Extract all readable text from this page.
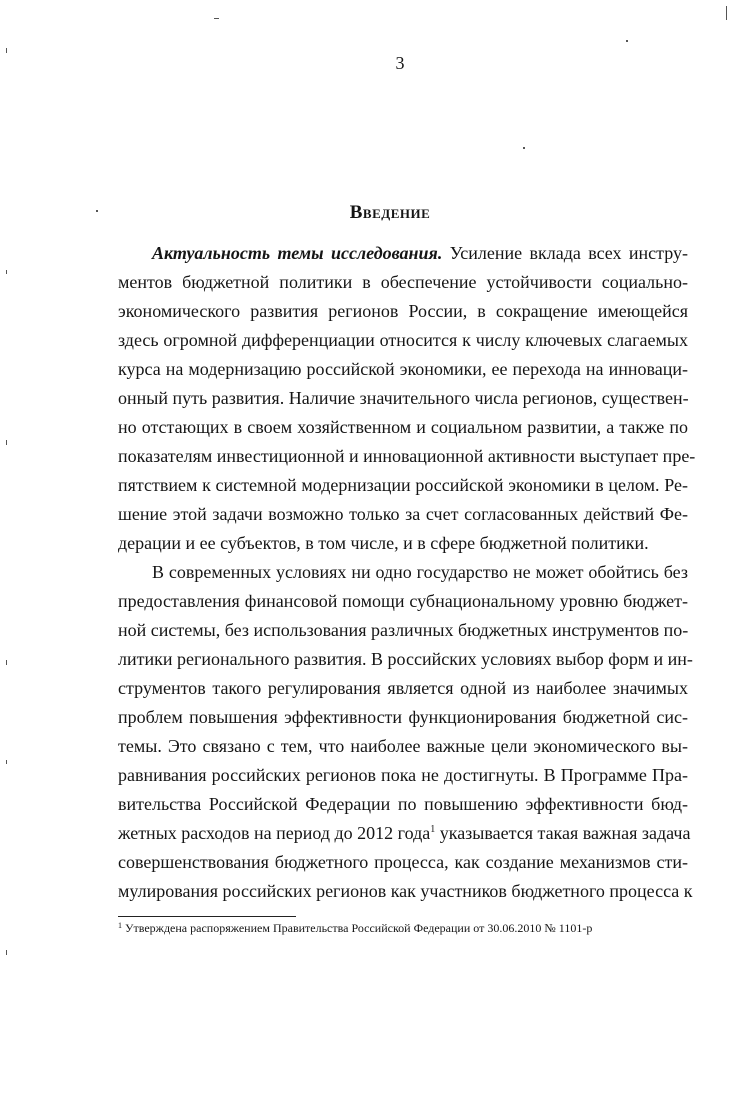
3
Введение
Актуальность темы исследования. Усиление вклада всех инстру-
ментов бюджетной политики в обеспечение устойчивости социально-
экономического развития регионов России, в сокращение имеющейся
здесь огромной дифференциации относится к числу ключевых слагаемых
курса на модернизацию российской экономики, ее перехода на инноваци-
онный путь развития. Наличие значительного числа регионов, существен-
но отстающих в своем хозяйственном и социальном развитии, а также по
показателям инвестиционной и инновационной активности выступает пре-
пятствием к системной модернизации российской экономики в целом. Ре-
шение этой задачи возможно только за счет согласованных действий Фе-
дерации и ее субъектов, в том числе, и в сфере бюджетной политики.
В современных условиях ни одно государство не может обойтись без
предоставления финансовой помощи субнациональному уровню бюджет-
ной системы, без использования различных бюджетных инструментов по-
литики регионального развития. В российских условиях выбор форм и ин-
струментов такого регулирования является одной из наиболее значимых
проблем повышения эффективности функционирования бюджетной сис-
темы. Это связано с тем, что наиболее важные цели экономического вы-
равнивания российских регионов пока не достигнуты. В Программе Пра-
вительства Российской Федерации по повышению эффективности бюд-
жетных расходов на период до 2012 года$^1$ указывается такая важная задача
совершенствования бюджетного процесса, как создание механизмов сти-
мулирования российских регионов как участников бюджетного процесса к
$^1$ Утверждена распоряжением Правительства Российской Федерации от 30.06.2010 № 1101-р
